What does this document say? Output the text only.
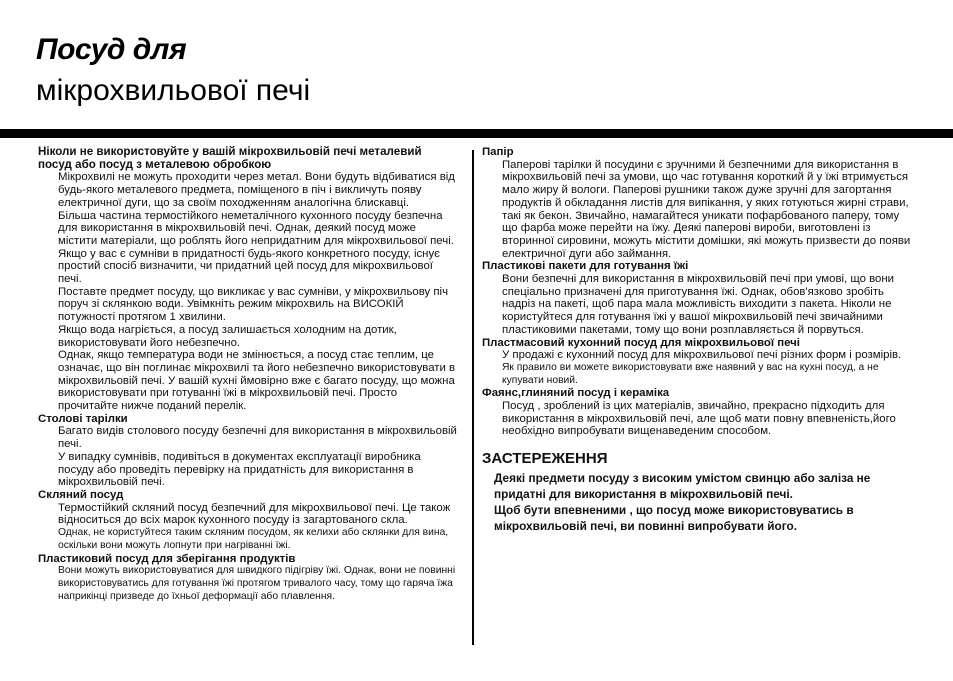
Посуд для
мікрохвильової печі

Ніколи не використовуйте у вашій мікрохвильовій печі металевий посуд або посуд з металевою обробкою

Мікрохвилі не можуть проходити через метал. Вони будуть відбиватися від будь-якого металевого предмета, поміщеного в піч і викличуть появу електричної дуги, що за своїм походженням аналогічна блискавці.

Більша частина термостійкого неметалічного кухонного посуду безпечна для використання в мікрохвильовій печі. Однак, деякий посуд може містити матеріали, що роблять його непридатним для мікрохвильової печі. Якщо у вас є сумніви в придатності будь-якого конкретного посуду, існує простий спосіб визначити, чи придатний цей посуд для мікрохвильової печі.

Поставте предмет посуду, що викликає у вас сумніви, у мікрохвильову піч поруч зі склянкою води. Увімкніть режим мікрохвиль на ВИСОКІЙ потужності протягом 1 хвилини.

Якщо вода нагріється, а посуд залишається холодним на дотик, використовувати його небезпечно.

Однак, якщо температура води не змінюється, а посуд стає теплим, це означає, що він поглинає мікрохвилі та його небезпечно використовувати в мікрохвильовій печі. У вашій кухні ймовірно вже є багато посуду, що можна використовувати при готуванні їжі в мікрохвильовій печі. Просто прочитайте нижче поданий перелік.

Столові тарілки

Багато видів столового посуду безпечні для використання в мікрохвильовій печі.

У випадку сумнівів, подивіться в документах експлуатації виробника посуду або проведіть перевірку на придатність для використання в мікрохвильовій печі.

Скляний посуд

Термостійкий скляний посуд безпечний для мікрохвильової печі. Це також відноситься до всіх марок кухонного посуду із загартованого скла.

Однак, не користуйтеся таким скляним посудом, як келихи або склянки для вина, оскільки вони можуть лопнути при нагріванні їжі.

Пластиковий посуд для зберігання продуктів

Вони можуть використовуватися для швидкого підігріву їжі. Однак, вони не повинні використовуватись для готування їжі протягом тривалого часу, тому що гаряча їжа наприкінці призведе до їхньої деформації або плавлення.

Папір

Паперові тарілки й посудини є зручними й безпечними для використання в мікрохвильовій печі за умови, що час готування короткий й у їжі втримується мало жиру й вологи. Паперові рушники також дуже зручні для загортання продуктів й обкладання листів для випікання, у яких готуються жирні страви, такі як бекон. Звичайно, намагайтеся уникати пофарбованого паперу, тому що фарба може перейти на їжу. Деякі паперові вироби, виготовлені із вторинної сировини, можуть містити домішки, які можуть призвести до появи електричної дуги або займання.

Пластикові пакети для готування їжі

Вони безпечні для використання в мікрохвильовій печі при умові, що вони спеціально призначені для приготування їжі. Однак, обов'язково зробіть надріз на пакеті, щоб пара мала можливість виходити з пакета. Ніколи не користуйтеся для готування їжі у вашої мікрохвильовій печі звичайними пластиковими пакетами, тому що вони розплавляється й порвуться.

Пластмасовий кухонний посуд для мікрохвильової печі

У продажі є кухонний посуд для мікрохвильової печі різних форм і розмірів.

Як правило ви можете використовувати вже наявний у вас на кухні посуд, а не купувати новий.

Фаянс,глиняний посуд і кераміка

Посуд , зроблений із цих матеріалів, звичайно, прекрасно підходить для використання в мікрохвильовій печі, але щоб мати повну впевненість,його необхідно випробувати вищенаведеним способом.

ЗАСТЕРЕЖЕННЯ

Деякі предмети посуду з високим умістом свинцю або заліза не придатні для використання в мікрохвильовій печі.

Щоб бути впевненими , що посуд може використовуватись в мікрохвильовій печі, ви повинні випробувати його.
